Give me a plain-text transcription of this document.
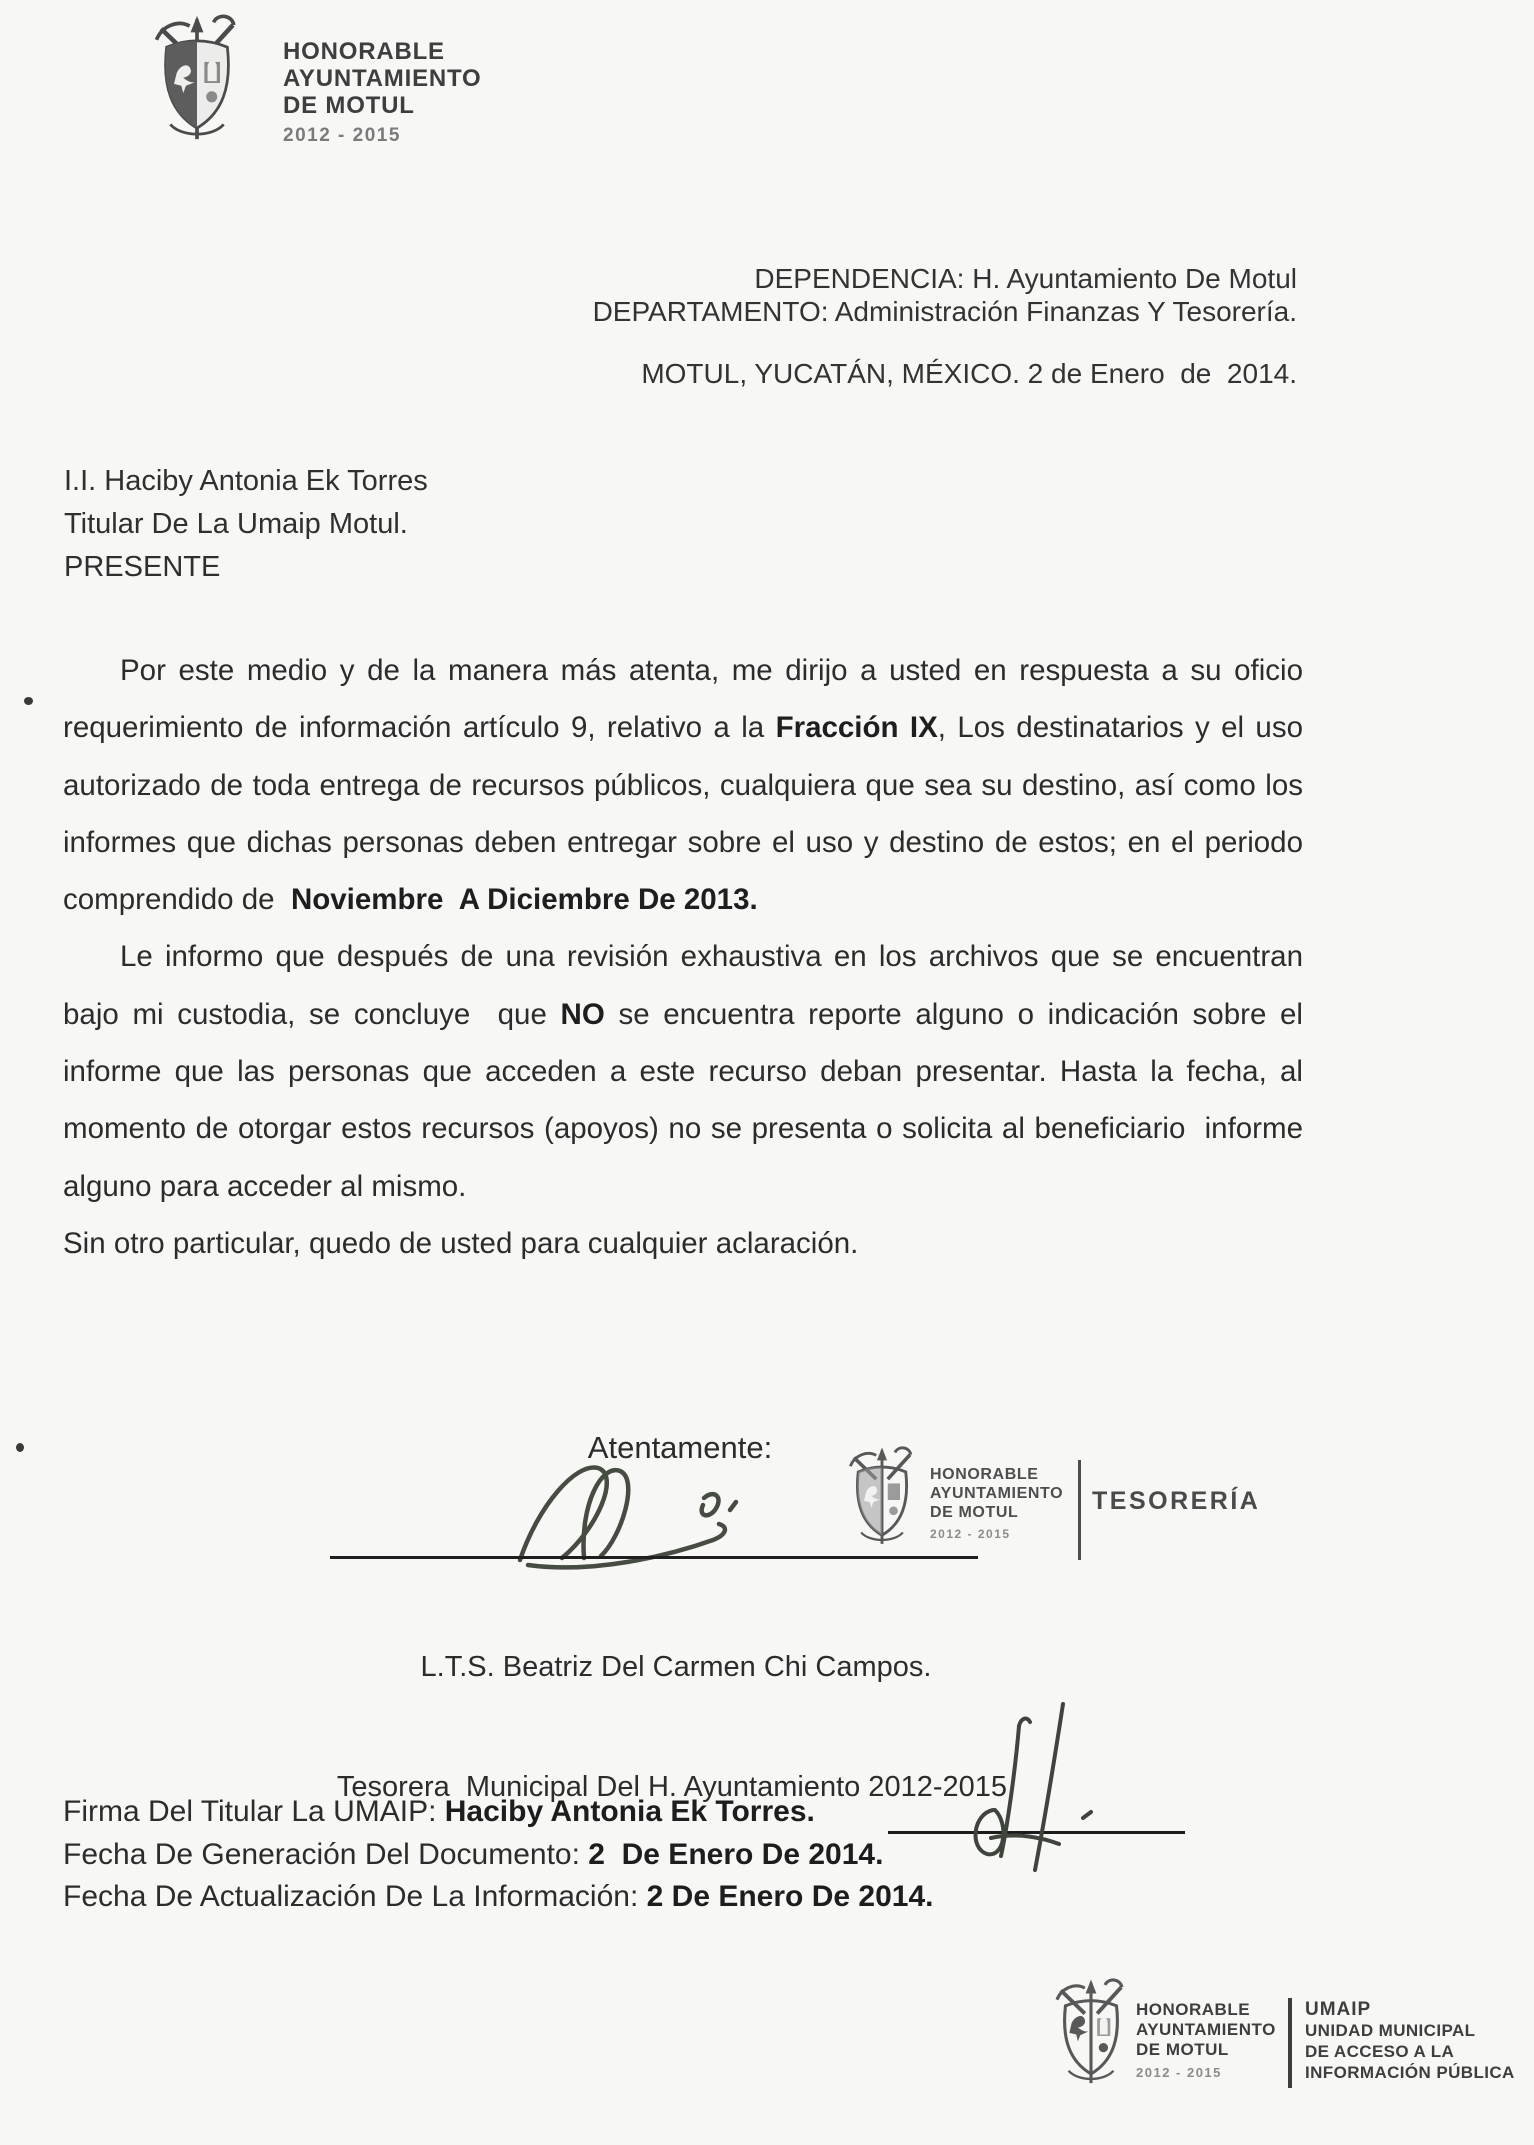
HONORABLE
AYUNTAMIENTO
DE MOTUL
2012 - 2015
DEPENDENCIA: H. Ayuntamiento De Motul
DEPARTAMENTO: Administración Finanzas Y Tesorería.
MOTUL, YUCATÁN, MÉXICO. 2 de Enero  de  2014.
I.I. Haciby Antonia Ek Torres
Titular De La Umaip Motul.
PRESENTE

Por este medio y de la manera más atenta, me dirijo a usted en respuesta a su oficio requerimiento de información artículo 9, relativo a la Fracción IX, Los destinatarios y el uso autorizado de toda entrega de recursos públicos, cualquiera que sea su destino, así como los informes que dichas personas deben entregar sobre el uso y destino de estos; en el periodo comprendido de  Noviembre  A Diciembre De 2013.

Le informo que después de una revisión exhaustiva en los archivos que se encuentran bajo mi custodia, se concluye  que NO se encuentra reporte alguno o indicación sobre el informe que las personas que acceden a este recurso deban presentar. Hasta la fecha, al momento de otorgar estos recursos (apoyos) no se presenta o solicita al beneficiario  informe alguno para acceder al mismo.

Sin otro particular, quedo de usted para cualquier aclaración.

Atentamente:
HONORABLE
AYUNTAMIENTO
DE MOTUL
2012 - 2015
TESORERÍA

L.T.S. Beatriz Del Carmen Chi Campos.

Tesorera  Municipal Del H. Ayuntamiento 2012-2015.

Firma Del Titular La UMAIP: Haciby Antonia Ek Torres.
Fecha De Generación Del Documento: 2  De Enero De 2014.
Fecha De Actualización De La Información: 2 De Enero De 2014.
HONORABLE
AYUNTAMIENTO
DE MOTUL
2012 - 2015
UMAIP
UNIDAD MUNICIPAL
DE ACCESO A LA
INFORMACIÓN PÚBLICA
